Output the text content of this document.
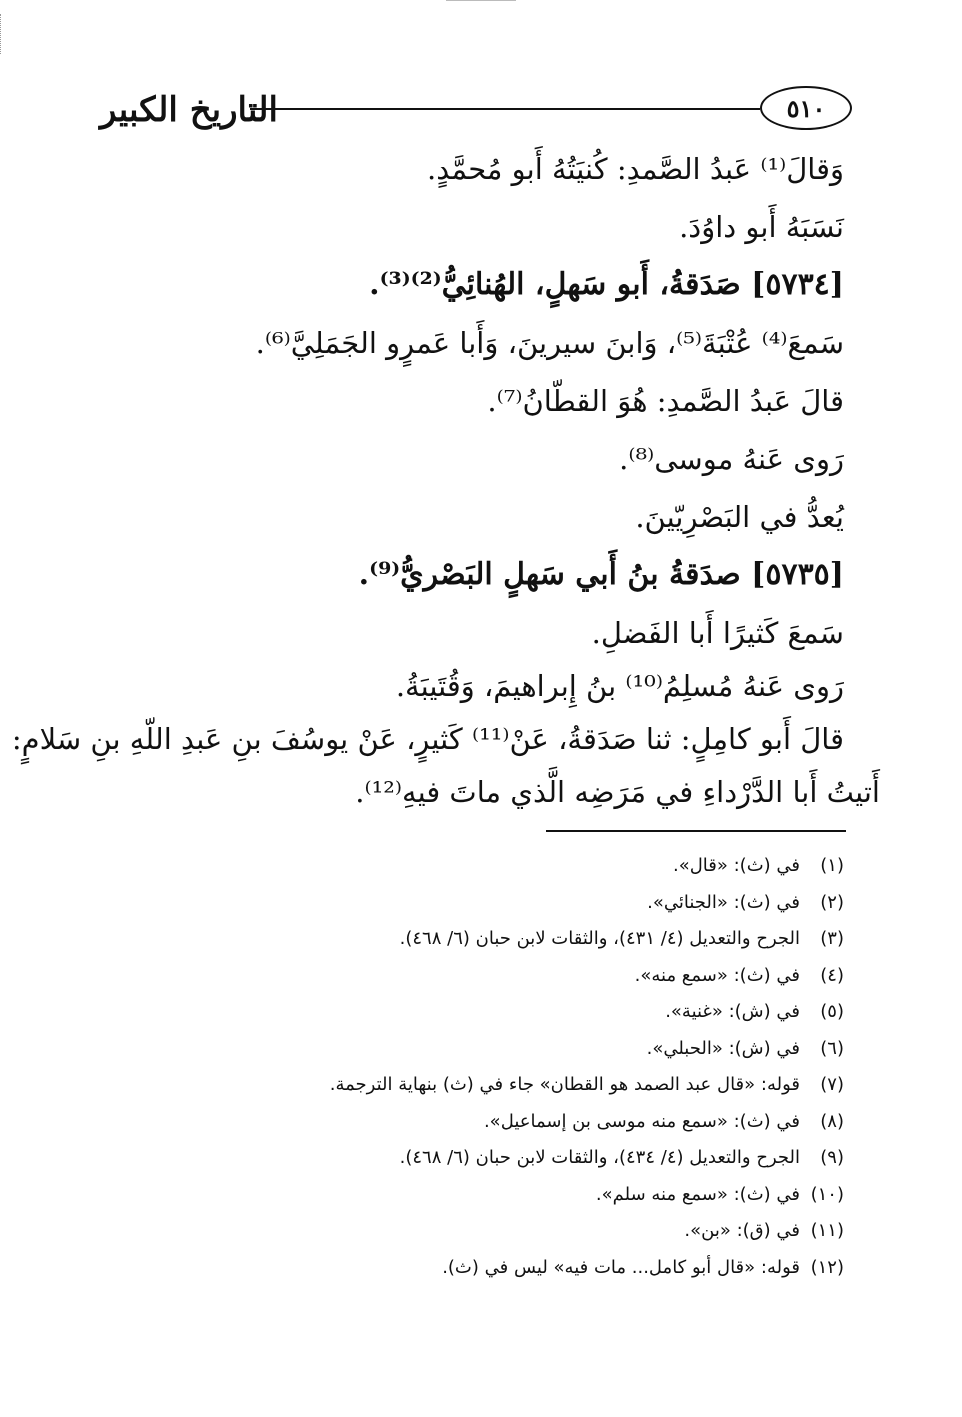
التاريخ الكبير	٥١٠
وَقالَ⁽¹⁾ عَبدُ الصَّمدِ: كُنيَتُهُ أَبو مُحمَّدٍ.
نَسَبَهُ أَبو داوُدَ.
[٥٧٣٤] صَدَقةُ، أَبو سَهلٍ، الهُنائِيُّ⁽²⁾⁽³⁾.
سَمعَ⁽⁴⁾ عُتْبَةَ⁽⁵⁾، وَابنَ سيرينَ، وَأَبا عَمرٍو الجَمَلِيَّ⁽⁶⁾.
قالَ عَبدُ الصَّمدِ: هُوَ القطّانُ⁽⁷⁾.
رَوى عَنهُ موسى⁽⁸⁾.
يُعدُّ في البَصْرِيّينَ.
[٥٧٣٥] صدَقةُ بنُ أَبي سَهلٍ البَصْريُّ⁽⁹⁾.
سَمعَ كَثيرًا أَبا الفَضلِ.
رَوى عَنهُ مُسلِمُ⁽¹⁰⁾ بنُ إِبراهيمَ، وَقُتَيبَةُ.
قالَ أَبو كامِلٍ: ثنا صَدَقةُ، عَنْ⁽¹¹⁾ كَثيرٍ، عَنْ يوسُفَ بنِ عَبدِ اللّهِ بنِ سَلامٍ:
أَتيتُ أَبا الدَّرْداءِ في مَرَضِه الَّذي ماتَ فيهِ⁽¹²⁾.
(١)في (ث): «قال».
(٢)في (ث): «الجنائي».
(٣)الجرح والتعديل (٤/ ٤٣١)، والثقات لابن حبان (٦/ ٤٦٨).
(٤)في (ث): «سمع منه».
(٥)في (ش): «غنية».
(٦)في (ش): «الحبلي».
(٧)قوله: «قال عبد الصمد هو القطان» جاء في (ث) بنهاية الترجمة.
(٨)في (ث): «سمع منه موسى بن إسماعيل».
(٩)الجرح والتعديل (٤/ ٤٣٤)، والثقات لابن حبان (٦/ ٤٦٨).
(١٠)في (ث): «سمع منه سلم».
(١١)في (ق): «بن».
(١٢)قوله: «قال أبو كامل... مات فيه» ليس في (ث).
